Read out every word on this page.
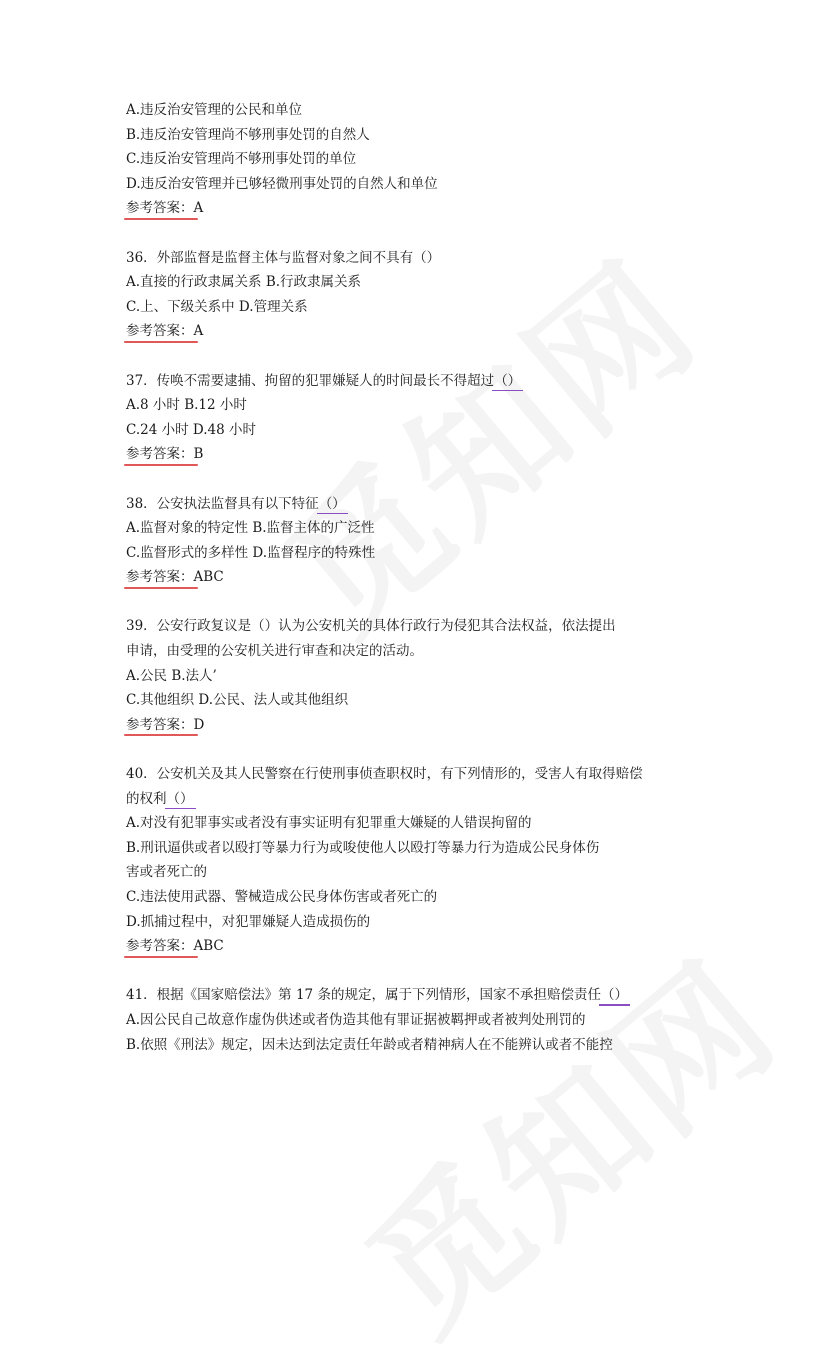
A.违反治安管理的公民和单位
B.违反治安管理尚不够刑事处罚的自然人
C.违反治安管理尚不够刑事处罚的单位
D.违反治安管理并已够轻微刑事处罚的自然人和单位
参考答案：A
36．外部监督是监督主体与监督对象之间不具有（）
A.直接的行政隶属关系 B.行政隶属关系
C.上、下级关系中 D.管理关系
参考答案：A
37．传唤不需要逮捕、拘留的犯罪嫌疑人的时间最长不得超过（）
A.8 小时 B.12 小时
C.24 小时 D.48 小时
参考答案：B
38．公安执法监督具有以下特征（）
A.监督对象的特定性 B.监督主体的广泛性
C.监督形式的多样性 D.监督程序的特殊性
参考答案：ABC
39．公安行政复议是（）认为公安机关的具体行政行为侵犯其合法权益，依法提出
申请，由受理的公安机关进行审查和决定的活动。
A.公民 B.法人’
C.其他组织 D.公民、法人或其他组织
参考答案：D
40．公安机关及其人民警察在行使刑事侦查职权时，有下列情形的，受害人有取得赔偿
的权利（）
A.对没有犯罪事实或者没有事实证明有犯罪重大嫌疑的人错误拘留的
B.刑讯逼供或者以殴打等暴力行为或唆使他人以殴打等暴力行为造成公民身体伤
害或者死亡的
C.违法使用武器、警械造成公民身体伤害或者死亡的
D.抓捕过程中，对犯罪嫌疑人造成损伤的
参考答案：ABC
41．根据《国家赔偿法》第 17 条的规定，属于下列情形，国家不承担赔偿责任（）
A.因公民自己故意作虚伪供述或者伪造其他有罪证据被羁押或者被判处刑罚的
B.依照《刑法》规定，因未达到法定责任年龄或者精神病人在不能辨认或者不能控
